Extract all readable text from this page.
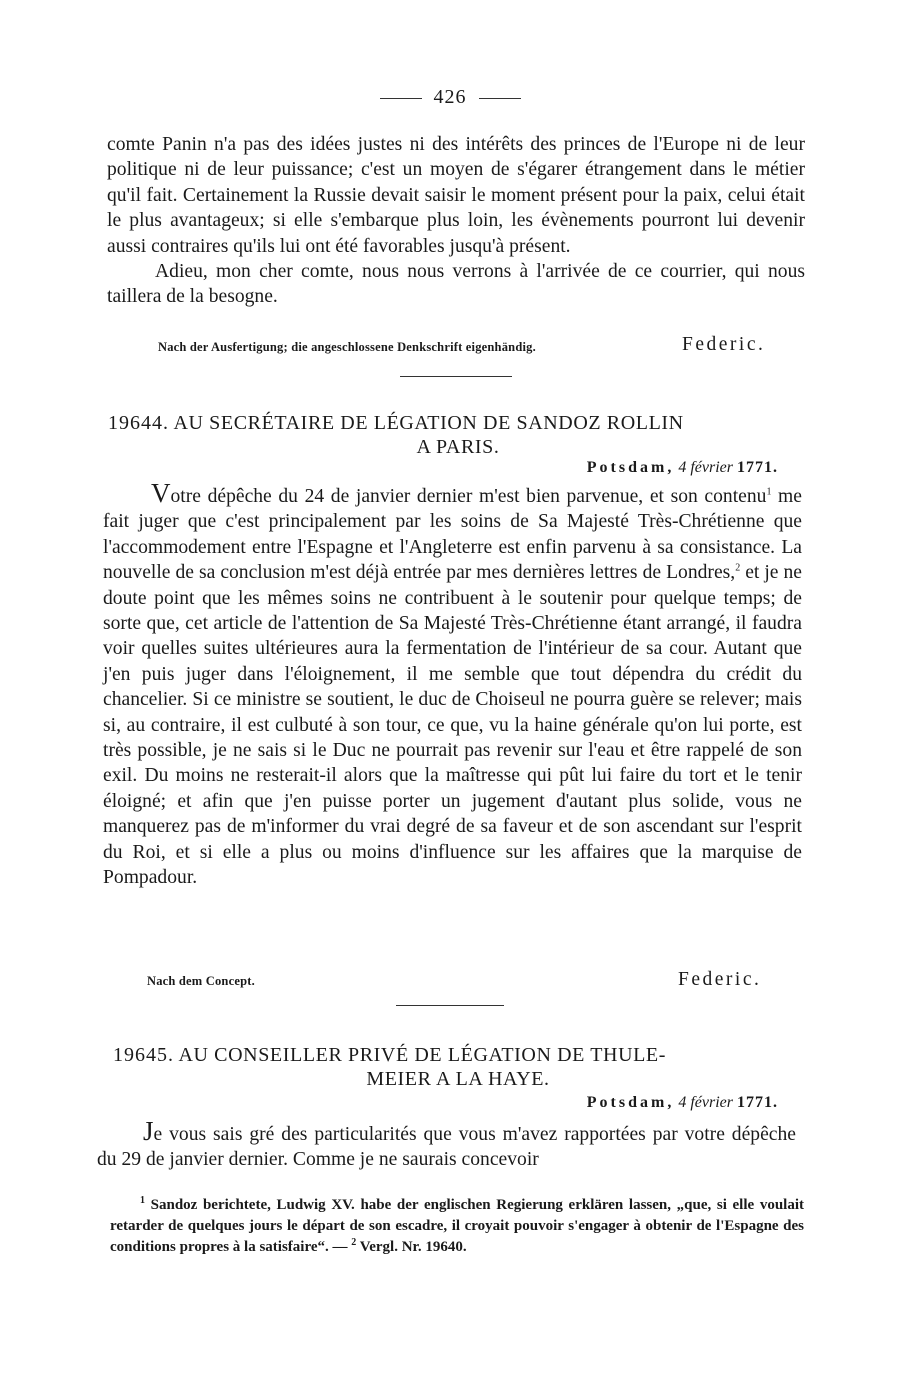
426

comte Panin n'a pas des idées justes ni des intérêts des princes de l'Europe ni de leur politique ni de leur puissance; c'est un moyen de s'égarer étrangement dans le métier qu'il fait. Certainement la Russie devait saisir le moment présent pour la paix, celui était le plus avantageux; si elle s'embarque plus loin, les évènements pourront lui devenir aussi contraires qu'ils lui ont été favorables jusqu'à présent.

Adieu, mon cher comte, nous nous verrons à l'arrivée de ce courrier, qui nous taillera de la besogne.

Nach der Ausfertigung; die angeschlossene Denkschrift eigenhändig.	Federic.
19644. AU SECRÉTAIRE DE LÉGATION DE SANDOZ ROLLIN
A PARIS.
Potsdam, 4 février 1771.

Votre dépêche du 24 de janvier dernier m'est bien parvenue, et son contenu$^1$ me fait juger que c'est principalement par les soins de Sa Majesté Très-Chrétienne que l'accommodement entre l'Espagne et l'Angleterre est enfin parvenu à sa consistance. La nouvelle de sa conclusion m'est déjà entrée par mes dernières lettres de Londres,$^2$ et je ne doute point que les mêmes soins ne contribuent à le soutenir pour quelque temps; de sorte que, cet article de l'attention de Sa Majesté Très-Chrétienne étant arrangé, il faudra voir quelles suites ultérieures aura la fermentation de l'intérieur de sa cour. Autant que j'en puis juger dans l'éloignement, il me semble que tout dépendra du crédit du chancelier. Si ce ministre se soutient, le duc de Choiseul ne pourra guère se relever; mais si, au contraire, il est culbuté à son tour, ce que, vu la haine générale qu'on lui porte, est très possible, je ne sais si le Duc ne pourrait pas revenir sur l'eau et être rappelé de son exil. Du moins ne resterait-il alors que la maîtresse qui pût lui faire du tort et le tenir éloigné; et afin que j'en puisse porter un jugement d'autant plus solide, vous ne manquerez pas de m'informer du vrai degré de sa faveur et de son ascendant sur l'esprit du Roi, et si elle a plus ou moins d'influence sur les affaires que la marquise de Pompadour.

Nach dem Concept.	Federic.
19645. AU CONSEILLER PRIVÉ DE LÉGATION DE THULE-
MEIER A LA HAYE.
Potsdam, 4 février 1771.

Je vous sais gré des particularités que vous m'avez rapportées par votre dépêche du 29 de janvier dernier. Comme je ne saurais concevoir

$^1$ Sandoz berichtete, Ludwig XV. habe der englischen Regierung erklären lassen, „que, si elle voulait retarder de quelques jours le départ de son escadre, il croyait pouvoir s'engager à obtenir de l'Espagne des conditions propres à la satisfaire“. — $^2$ Vergl. Nr. 19640.
